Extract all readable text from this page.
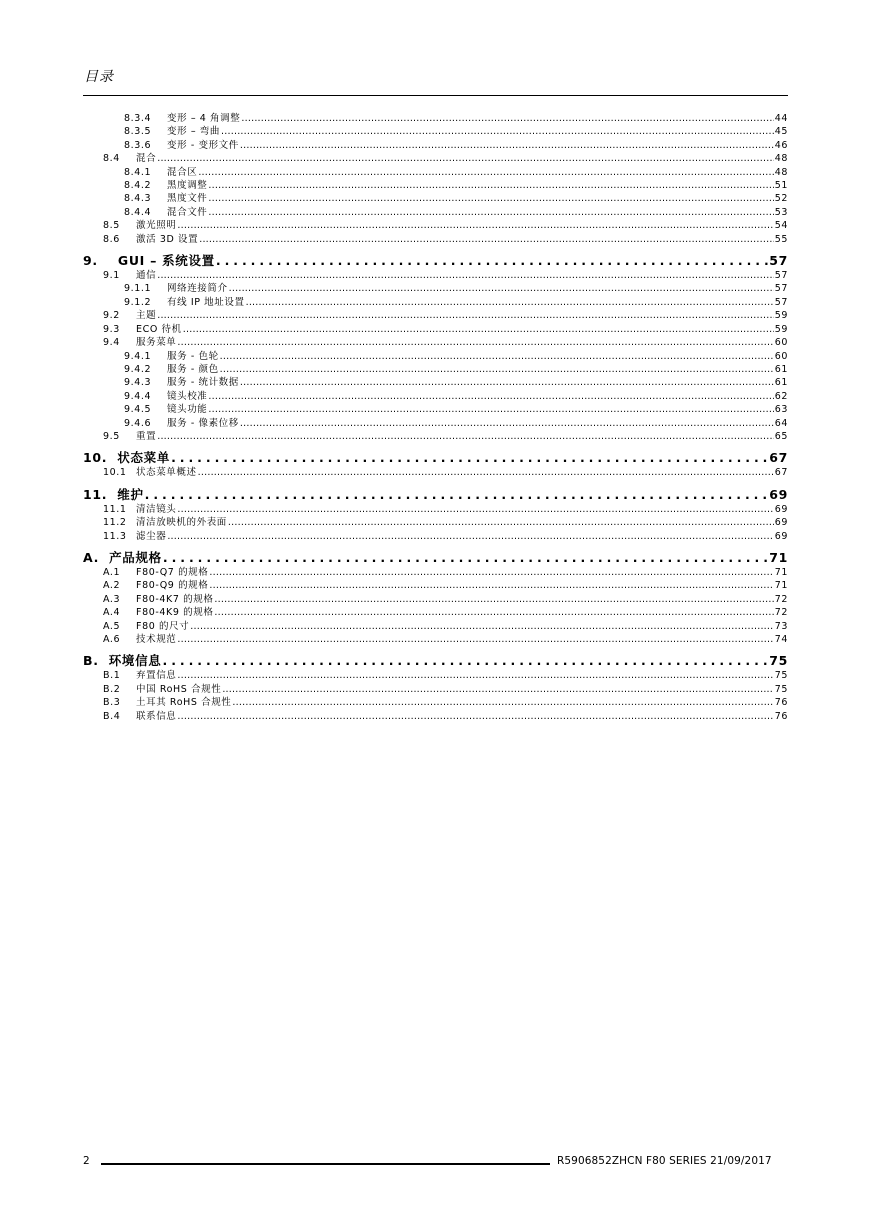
目录
8.3.4	变形 – 4 角调整 . . .	44
8.3.5	变形 – 弯曲 . . .	45
8.3.6	变形 - 变形文件 . . .	46
8.4	混合 . . .	48
8.4.1	混合区 . . .	48
8.4.2	黑度调整 . . .	51
8.4.3	黑度文件 . . .	52
8.4.4	混合文件 . . .	53
8.5	激光照明 . . .	54
8.6	激活 3D 设置 . . .	55
9. GUI – 系统设置 . . .	57
9.1	通信 . . .	57
9.1.1	网络连接简介 . . .	57
9.1.2	有线 IP 地址设置 . . .	57
9.2	主题 . . .	59
9.3	ECO 待机 . . .	59
9.4	服务菜单 . . .	60
9.4.1	服务 - 色轮 . . .	60
9.4.2	服务 - 颜色 . . .	61
9.4.3	服务 - 统计数据 . . .	61
9.4.4	镜头校准 . . .	62
9.4.5	镜头功能 . . .	63
9.4.6	服务 - 像素位移 . . .	64
9.5	重置 . . .	65
10. 状态菜单 . . .	67
10.1 状态菜单概述 . . .	67
11. 维护 . . .	69
11.1 清洁镜头 . . .	69
11.2 清洁放映机的外表面 . . .	69
11.3 滤尘器 . . .	69
A. 产品规格 . . .	71
A.1	F80-Q7 的规格 . . .	71
A.2	F80-Q9 的规格 . . .	71
A.3	F80-4K7 的规格 . . .	72
A.4	F80-4K9 的规格 . . .	72
A.5	F80 的尺寸 . . .	73
A.6	技术规范 . . .	74
B. 环境信息 . . .	75
B.1	弃置信息 . . .	75
B.2	中国 RoHS 合规性 . . .	75
B.3	土耳其 RoHS 合规性 . . .	76
B.4	联系信息 . . .	76
2	R5906852ZHCN F80 SERIES 21/09/2017
